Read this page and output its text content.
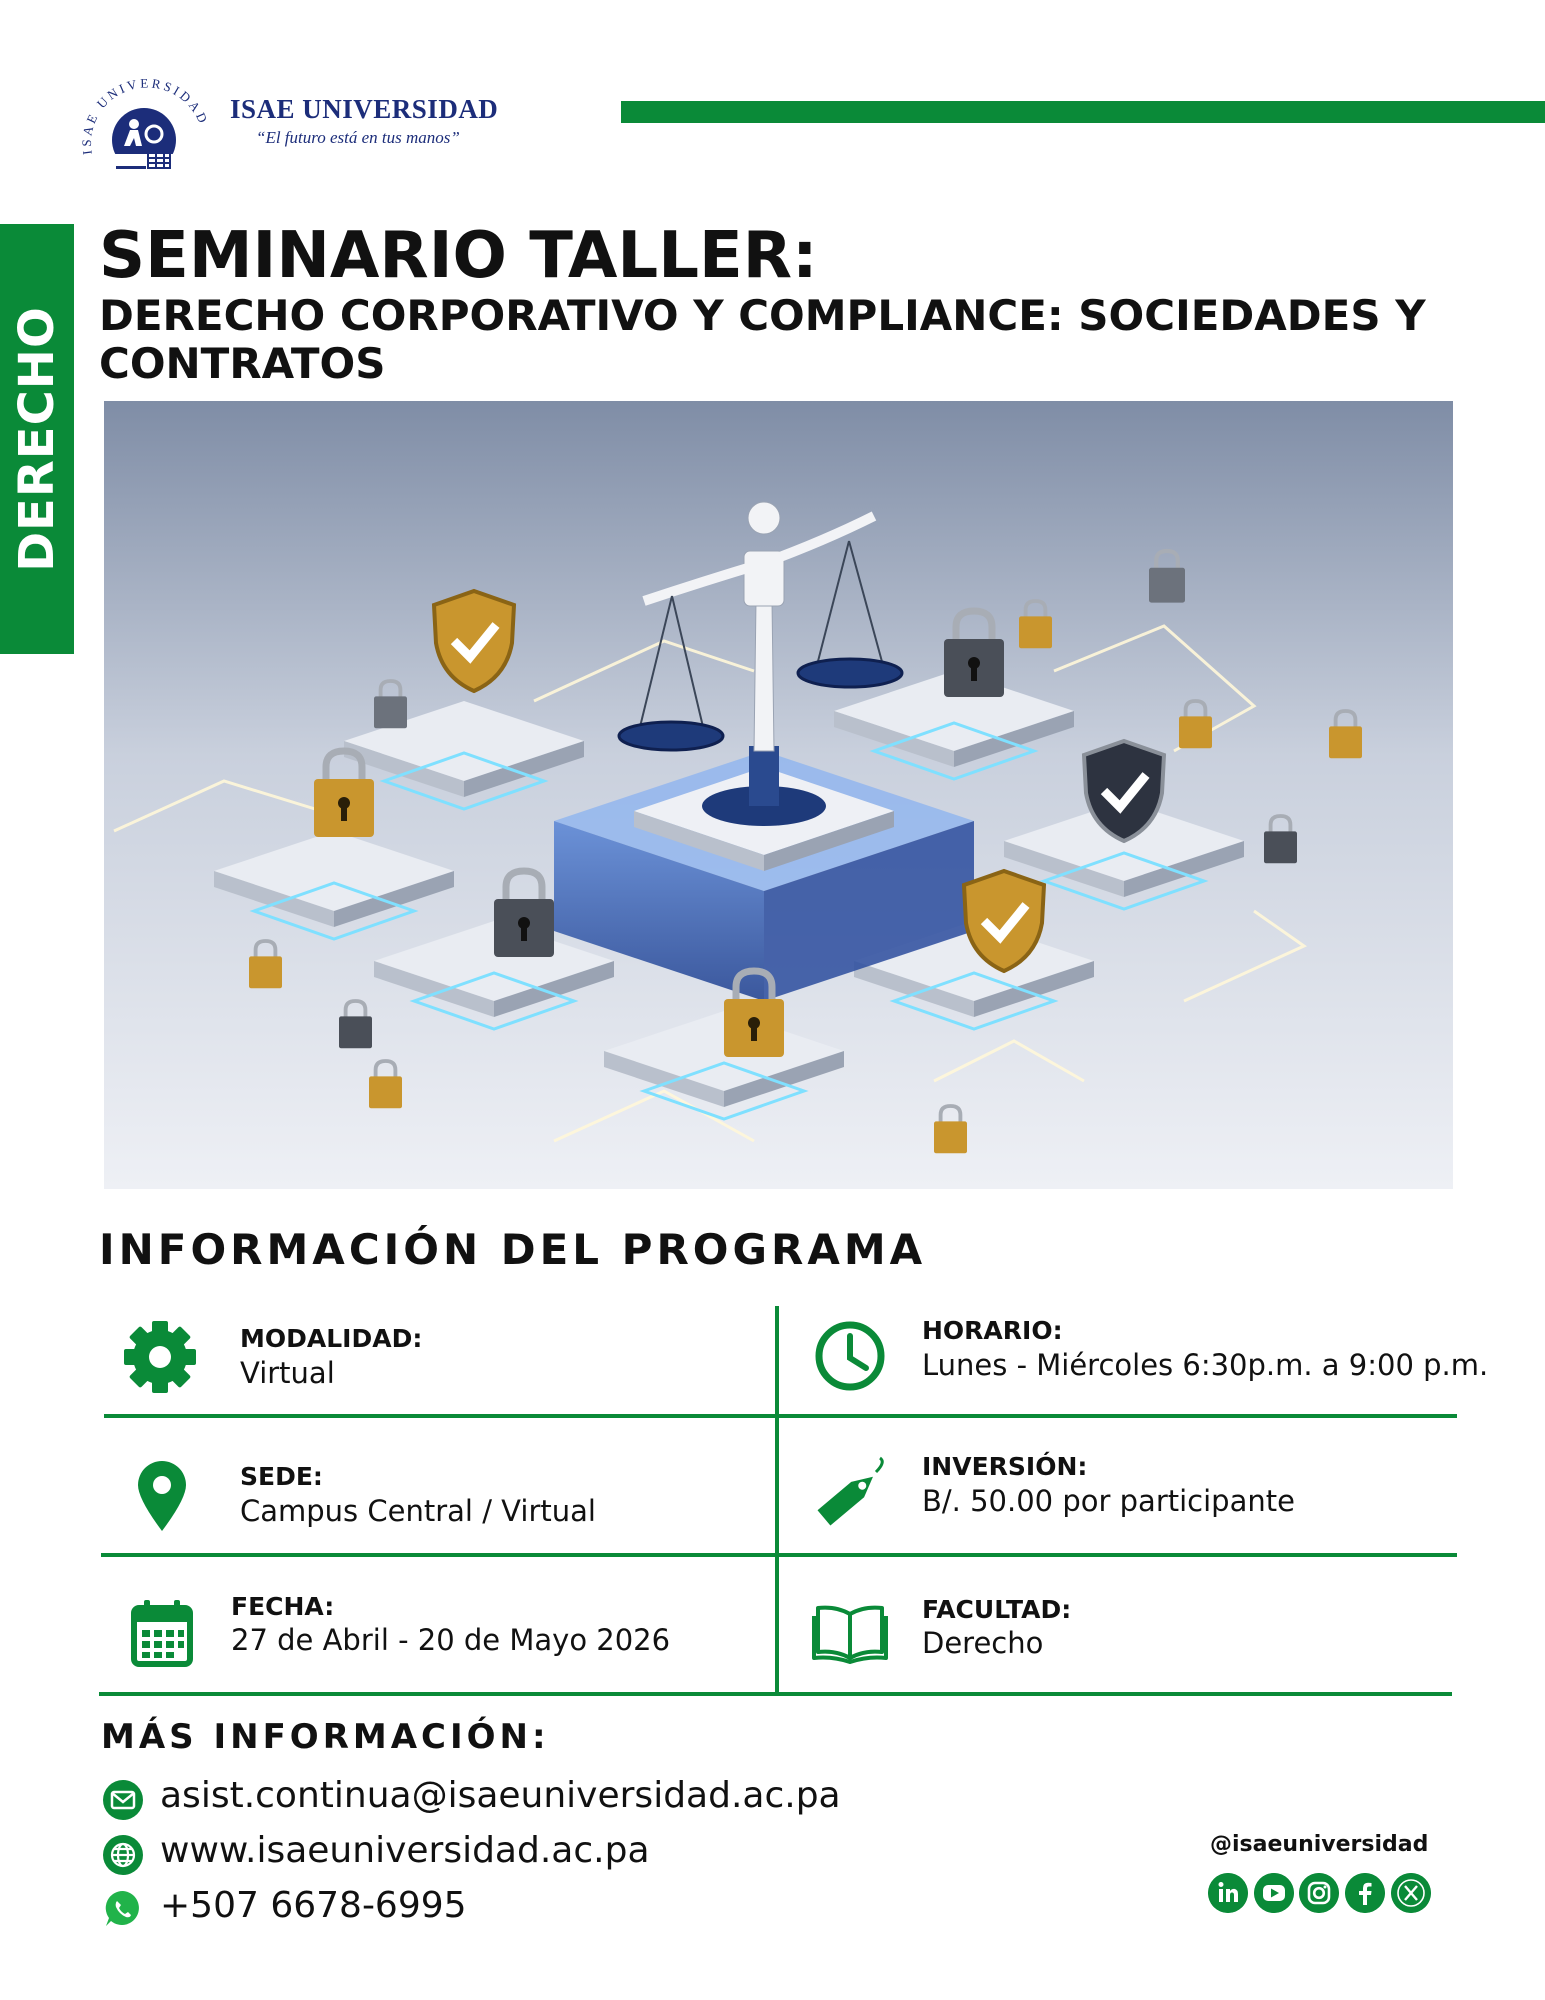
ISAE UNIVERSIDAD ISAE UNIVERSIDAD
“El futuro está en tus manos”
DERECHO
SEMINARIO TALLER:
DERECHO CORPORATIVO Y COMPLIANCE: SOCIEDADES Y CONTRATOS
INFORMACIÓN DEL PROGRAMA
MODALIDAD:
Virtual
HORARIO:
Lunes - Miércoles 6:30p.m. a 9:00 p.m.
SEDE:
Campus Central / Virtual
INVERSIÓN:
B/. 50.00 por participante
FECHA:
27 de Abril - 20 de Mayo 2026
FACULTAD:
Derecho
MÁS INFORMACIÓN:
asist.continua@isaeuniversidad.ac.pa
www.isaeuniversidad.ac.pa
+507 6678-6995
@isaeuniversidad
